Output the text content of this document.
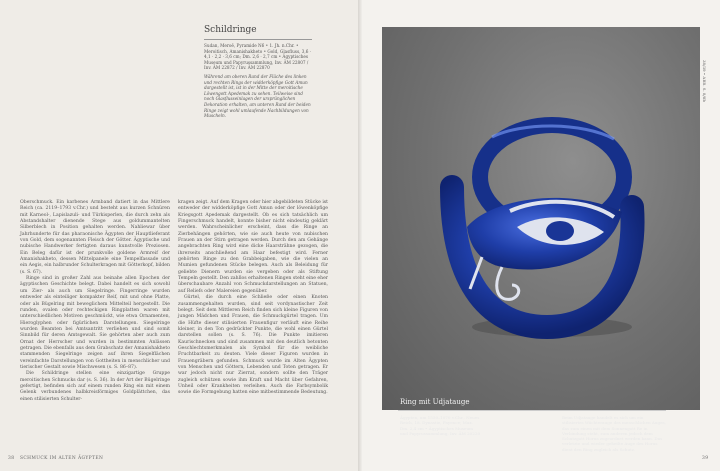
Schildringe
Sudan, Meroë, Pyramide N6 • 1. Jh. n.Chr. • Meroitisch, Amanishakheto • Gold, Glasfluss, 3,6 · 4,1 · 2,2 · 3,6 cm; Dm. 2,6 · 2,7 cm • Ägyptisches Museum und Papyrussammlung, Inv. ÄM 22807 / Inv. ÄM 22872 / Inv. ÄM 22870
Während am oberen Rand der Fläche des linken und rechten Rings der widderköpfige Gott Amun dargestellt ist, ist in der Mitte der meroitische Löwengott Apedemak zu sehen. Teilweise sind noch Glasflusseinlagen der ursprünglichen Dekoration erhalten, am unteren Rand der beiden Ringe zeigt wohl umlaufende Nachbildungen von Muscheln.

Oberschmuck. Ein karbenes Armband datiert in das Mittlere Reich (ca. 2119–1793 v.Chr.) und besteht aus kurzen Schnüren mit Karneol-, Lapislazuli- und Türkisperlen, die durch zehn als Abstandshalter dienende Stege aus goldummantelten Silberblech in Position gehalten werden. Nahliewar über Jahrhunderte für das pharaonische Ägypten der Hauptlieferant von Gold, dem sogenannten Fleisch der Götter. Ägyptische und nubische Handwerker fertigten daraus kunstvolle Preziosen. Ein Beleg dafür ist der prunkvolle goldene Armreif der Amanishakheto, dessen Mittelpanele eine Tempelfassade und ein Aegis, ein halbrunder Schulterkragen mit Götterkopf, bilden (s. S. 67).

Ringe sind in großer Zahl aus beinahe allen Epochen der ägyptischen Geschichte belegt. Dabei handelt es sich sowohl um Zier- als auch um Siegelringe. Fingerringe wurden entweder als einteiliger kompakter Reif, mit und ohne Platte, oder als Bügelring mit beweglichem Mittelteil hergestellt. Die runden, ovalen oder rechteckigen Ringplatten waren mit unterschiedlichen Motiven geschmückt, wie etwa Ornamenten, Hieroglyphen oder figürlichen Darstellungen. Siegelringe wurden Beamten bei Amtsantritt verliehen und sind somit Sinnbild für deren Amtsgewalt. Sie gehörten aber auch zum Ornat der Herrscher und wurden in bestimmten Anlässen getragen. Die ebenfalls aus dem Grabschatz der Amanishakheto stammenden Siegelringe zeigen auf ihren Siegelflächen vereinfachte Darstellungen von Gottheiten in menschlicher und tierischer Gestalt sowie Mischwesen (s. S. 86–87).

Die Schildringe stellen eine einzigartige Gruppe meroitischen Schmucks dar (s. S. 36). In der Art der Bügelringe gefertigt, befinden sich auf einem runden Ring ein mit einem Gelenk verbundenes halbkreisförmiges Goldplättchen, das einen stilisierten Schulter-

kragen zeigt. Auf dem Kragen oder hier abgebildeten Stücke ist entweder der widderköpfige Gott Amun oder der löwenköpfige Kriegsgott Apedemak dargestellt. Ob es sich tatsächlich um Fingerschmuck handelt, konnte bisher nicht eindeutig geklärt werden. Wahrscheinlicher erscheint, dass die Ringe an Zierbehängen gehörten, wie sie auch heute von nubischen Frauen an der Stirn getragen werden. Durch den am Gehänge angebrachten Ring wird eine dicke Haarsträhne gezogen, die ihrerseits anschließend am Haar befestigt wird. Ferner gehörten Ringe zu den Grabbeigaben, wie die vielen an Mumien gefundenen Stücke belegen. Auch als Beleidung für geliebte Dienern wurden sie vergeben oder als Stiftung Tempeln gestellt. Den zahllos erhaltenen Ringen steht eine eher überschaubare Anzahl von Schmuckdarstellungen an Statuen, auf Reliefs oder Malereien gegenüber.

Gürtel, die durch eine Schließe oder einen Knoten zusammengehalten wurden, sind seit vordynastischer Zeit belegt. Seit dem Mittleren Reich finden sich kleine Figuren von jungen Mädchen und Frauen, die Schmuckgürtel tragen. Um die Hüfte dieser stilisierten Frauenfigur verläuft eine Reihe kleiner, in den Ton gedrückter Punkte, die wohl einen Gürtel darstellen sollen (s. S. 76). Die Punkte imitieren Kaurischnecken und sind zusammen mit den deutlich betonten Geschlechtsmerkmalen als Symbol für die weibliche Fruchtbarkeit zu deuten. Viele dieser Figuren wurden in Frauengräbern gefunden. Schmuck wurde im Alten Ägypten von Menschen und Göttern, Lebenden und Toten getragen. Er war jedoch nicht nur Zierrat, sondern sollte den Träger zugleich schützen sowie ihm Kraft und Macht über Gefahren, Unheil oder Krankheiten verleihen. Auch die Farbsymbolik sowie die Formgebung hatten eine mitbestimmende Bedeutung.

38 SCHMUCK IM ALTEN ÄGYPTEN
Ring mit Udjatauge
Ägypten, um 1550–1070 v.Chr., Neues Reich, 18. Dynastie, Fayence; Max. Dm. 2,4 cm • Ägyptisches Museum und Papyrussammlung, Inv. ÄM 20220
Beim Udjatauge handelt es sich um ein stilisiertes Wächterauge des menschlichen Auges, das zum einen mit dem Sonnengott Re in Verbindung steht, zum anderen jedoch dem Schutzgott Horus zugeordnet werden kann. Das verletzte und wieder geheilte Auge des Horus dient den Ring zugleich als Schutz.
38/39 • ABB. S. 8/8b
39
